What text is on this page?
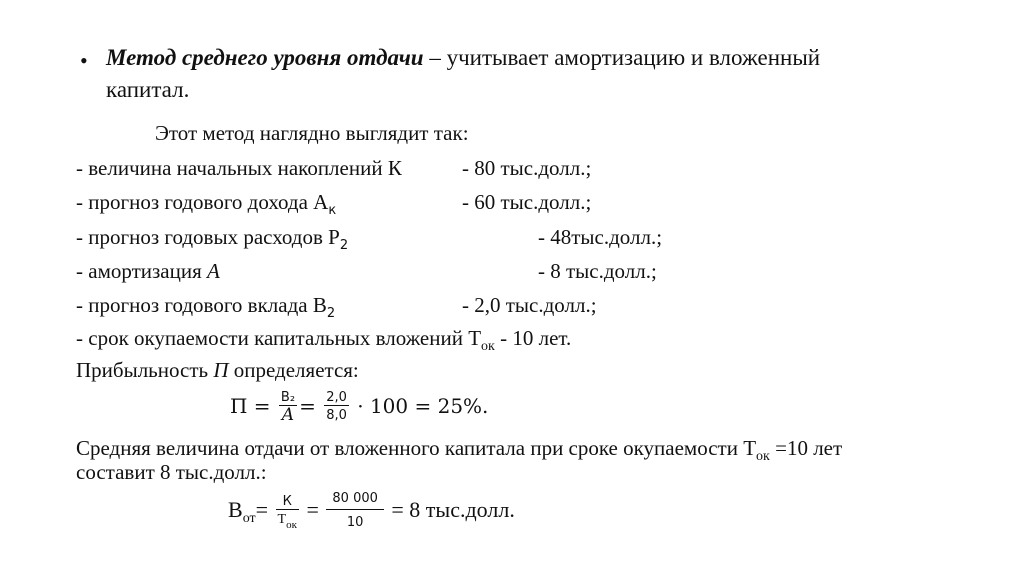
• Метод среднего уровня отдачи – учитывает амортизацию и вложенный
капитал.
Этот метод наглядно выглядит так:
- величина начальных накоплений К	- 80 тыс.долл.;
- прогноз годового дохода $А_к$	- 60 тыс.долл.;
- прогноз годовых расходов $Р_2$	- 48тыс.долл.;
- амортизация А	- 8 тыс.долл.;
- прогноз годового вклада $В_2$	- 2,0 тыс.долл.;
- срок окупаемости капитальных вложений $Т_{ок} - 10$ лет.
Прибыльность П определяется:
$П = \frac{\text{В₂}}{А} = \frac{2,0}{8,0} \cdot 100 = 25\%$.
Средняя величина отдачи от вложенного капитала при сроке окупаемости $Т_{ок} =10$ лет
составит 8 тыс.долл.:
$В_{от}= \frac{К}{Т_{ок}} = \frac{80 000}{10} = 8$ тыс.долл.
